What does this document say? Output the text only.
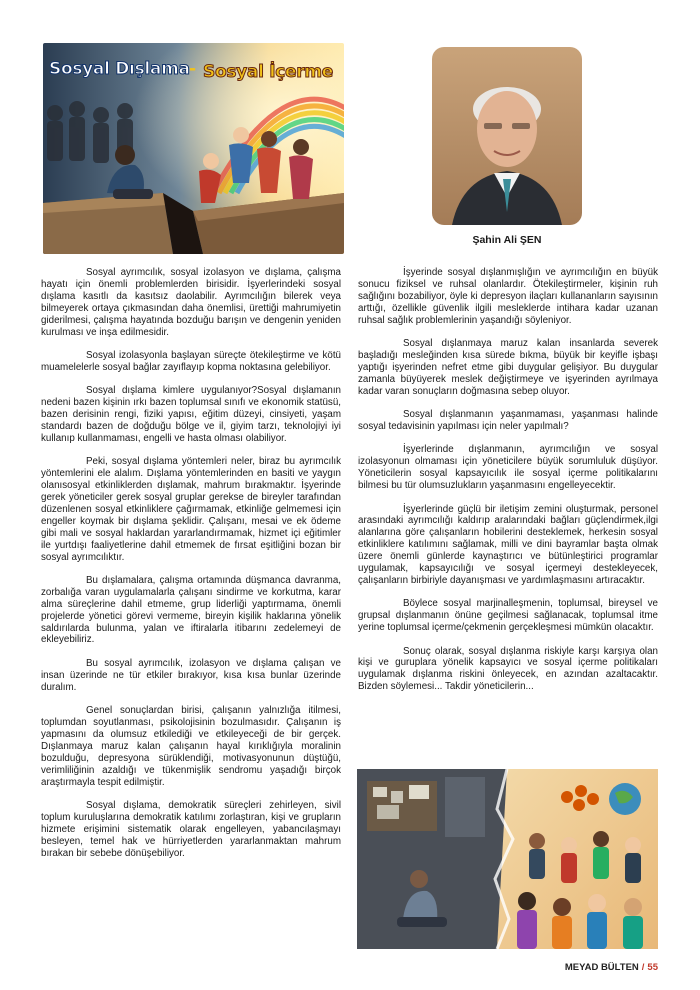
Sosyal Dışlama - Sosyal İçerme
Şahin Ali ŞEN

Sosyal ayrımcılık, sosyal izolasyon ve dışlama, çalışma hayatı için önemli problemlerden birisidir. İşyerlerindeki sosyal dışlama kasıtlı da kasıtsız daolabilir. Ayrımcılığın bilerek veya bilmeyerek ortaya çıkmasından daha önemlisi, ürettiği mahrumiyetin giderilmesi, çalışma hayatında bozduğu barışın ve dengenin yeniden kurulması ve inşa edilmesidir.

Sosyal izolasyonla başlayan süreçte ötekileştirme ve kötü muamelelerle sosyal bağlar zayıflayıp kopma noktasına gelebiliyor.

Sosyal dışlama kimlere uygulanıyor?Sosyal dışlamanın nedeni bazen kişinin ırkı bazen toplumsal sınıfı ve ekonomik statüsü, bazen derisinin rengi, fiziki yapısı, eğitim düzeyi, cinsiyeti, yaşam standardı bazen de doğduğu bölge ve il, giyim tarzı, teknolojiyi iyi kullanıp kullanmaması, engelli ve hasta olması olabiliyor.

Peki, sosyal dışlama yöntemleri neler, biraz bu ayrımcılık yöntemlerini ele alalım. Dışlama yöntemlerinden en basiti ve yaygın olanısosyal etkinliklerden dışlamak, mahrum bırakmaktır. İşyerinde gerek yöneticiler gerek sosyal gruplar gerekse de bireyler tarafından düzenlenen sosyal etkinliklere çağırmamak, etkinliğe gelmemesi için engeller koymak bir dışlama şeklidir. Çalışanı, mesai ve ek ödeme gibi mali ve sosyal haklardan yararlandırmamak, hizmet içi eğitimler ile yurtdışı faaliyetlerine dahil etmemek de fırsat eşitliğini bozan bir sosyal ayrımcılıktır.

Bu dışlamalara, çalışma ortamında düşmanca davranma, zorbalığa varan uygulamalarla çalışanı sindirme ve korkutma, karar alma süreçlerine dahil etmeme, grup liderliği yaptırmama, önemli projelerde yönetici görevi vermeme, bireyin kişilik haklarına yönelik saldırılarda bulunma, yalan ve iftiralarla itibarını zedelemeyi de ekleyebiliriz.

Bu sosyal ayrımcılık, izolasyon ve dışlama çalışan ve insan üzerinde ne tür etkiler bırakıyor, kısa kısa bunlar üzerinde duralım.

Genel sonuçlardan birisi, çalışanın yalnızlığa itilmesi, toplumdan soyutlanması, psikolojisinin bozulmasıdır. Çalışanın iş yapmasını da olumsuz etkilediği ve etkileyeceği de bir gerçek. Dışlanmaya maruz kalan çalışanın hayal kırıklığıyla moralinin bozulduğu, depresyona sürüklendiği, motivasyonunun düştüğü, verimliliğinin azaldığı ve tükenmişlik sendromu yaşadığı birçok araştırmayla tespit edilmiştir.

Sosyal dışlama, demokratik süreçleri zehirleyen, sivil toplum kuruluşlarına demokratik katılımı zorlaştıran, kişi ve grupların hizmete erişimini sistematik olarak engelleyen, yabancılaşmayı besleyen, temel hak ve hürriyetlerden yararlanmaktan mahrum bırakan bir sebebe dönüşebiliyor.

İşyerinde sosyal dışlanmışlığın ve ayrımcılığın en büyük sonucu fiziksel ve ruhsal olanlardır. Ötekileştirmeler, kişinin ruh sağlığını bozabiliyor, öyle ki depresyon ilaçları kullananların sayısının arttığı, özellikle güvenlik ilgili mesleklerde intihara kadar uzanan ruhsal sağlık problemlerinin yaşandığı söyleniyor.

Sosyal dışlanmaya maruz kalan insanlarda severek başladığı mesleğinden kısa sürede bıkma, büyük bir keyifle işbaşı yaptığı işyerinden nefret etme gibi duygular gelişiyor. Bu duygular zamanla büyüyerek meslek değiştirmeye ve işyerinden ayrılmaya kadar varan sonuçların doğmasına sebep oluyor.

Sosyal dışlanmanın yaşanmaması, yaşanması halinde sosyal tedavisinin yapılması için neler yapılmalı?

İşyerlerinde dışlanmanın, ayrımcılığın ve sosyal izolasyonun olmaması için yöneticilere büyük sorumluluk düşüyor. Yöneticilerin sosyal kapsayıcılık ile sosyal içerme politikalarını bilmesi bu tür olumsuzlukların yaşanmasını engelleyecektir.

İşyerlerinde güçlü bir iletişim zemini oluşturmak, personel arasındaki ayrımcılığı kaldırıp aralarındaki bağları güçlendirmek,ilgi alanlarına göre çalışanların hobilerini desteklemek, herkesin sosyal etkinliklere katılımını sağlamak, milli ve dini bayramlar başta olmak üzere önemli günlerde kaynaştırıcı ve bütünleştirici programlar uygulamak, kapsayıcılığı ve sosyal içermeyi destekleyecek, çalışanların birbiriyle dayanışması ve yardımlaşmasını artıracaktır.

Böylece sosyal marjinalleşmenin, toplumsal, bireysel ve grupsal dışlanmanın önüne geçilmesi sağlanacak, toplumsal itme yerine toplumsal içerme/çekmenin gerçekleşmesi mümkün olacaktır.

Sonuç olarak, sosyal dışlanma riskiyle karşı karşıya olan kişi ve guruplara yönelik kapsayıcı ve sosyal içerme politikaları uygulamak dışlanma riskini önleyecek, en azından azaltacaktır. Bizden söylemesi... Takdir yöneticilerin...

MEYAD BÜLTEN / 55
